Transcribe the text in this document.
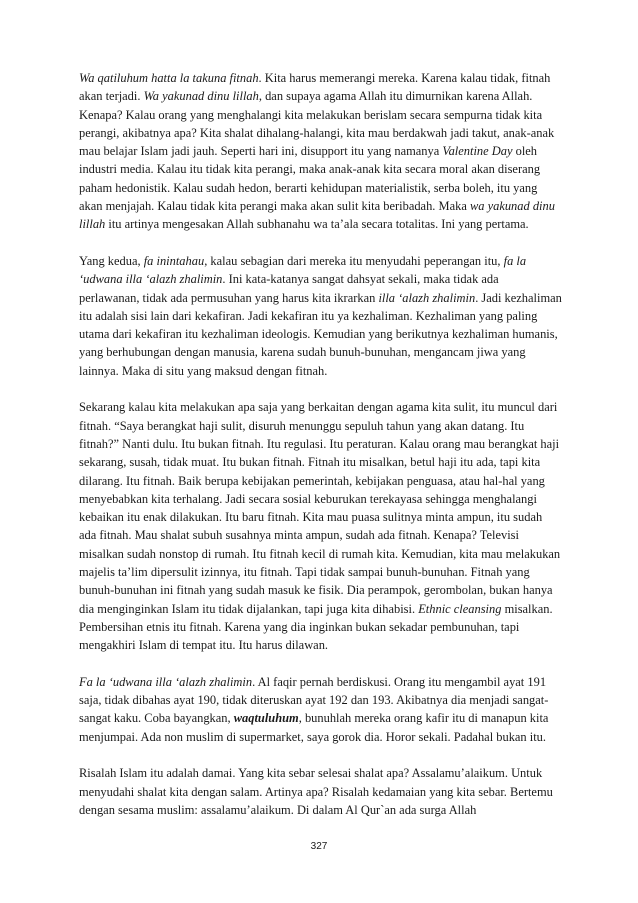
Wa qatiluhum hatta la takuna fitnah. Kita harus memerangi mereka. Karena kalau tidak, fitnah akan terjadi. Wa yakunad dinu lillah, dan supaya agama Allah itu dimurnikan karena Allah. Kenapa? Kalau orang yang menghalangi kita melakukan berislam secara sempurna tidak kita perangi, akibatnya apa? Kita shalat dihalang-halangi, kita mau berdakwah jadi takut, anak-anak mau belajar Islam jadi jauh. Seperti hari ini, disupport itu yang namanya Valentine Day oleh industri media. Kalau itu tidak kita perangi, maka anak-anak kita secara moral akan diserang paham hedonistik. Kalau sudah hedon, berarti kehidupan materialistik, serba boleh, itu yang akan menjajah. Kalau tidak kita perangi maka akan sulit kita beribadah. Maka wa yakunad dinu lillah itu artinya mengesakan Allah subhanahu wa ta’ala secara totalitas. Ini yang pertama.

Yang kedua, fa inintahau, kalau sebagian dari mereka itu menyudahi peperangan itu, fa la ‘udwana illa ‘alazh zhalimin. Ini kata-katanya sangat dahsyat sekali, maka tidak ada perlawanan, tidak ada permusuhan yang harus kita ikrarkan illa ‘alazh zhalimin. Jadi kezhaliman itu adalah sisi lain dari kekafiran. Jadi kekafiran itu ya kezhaliman. Kezhaliman yang paling utama dari kekafiran itu kezhaliman ideologis. Kemudian yang berikutnya kezhaliman humanis, yang berhubungan dengan manusia, karena sudah bunuh-bunuhan, mengancam jiwa yang lainnya. Maka di situ yang maksud dengan fitnah.

Sekarang kalau kita melakukan apa saja yang berkaitan dengan agama kita sulit, itu muncul dari fitnah. “Saya berangkat haji sulit, disuruh menunggu sepuluh tahun yang akan datang. Itu fitnah?” Nanti dulu. Itu bukan fitnah. Itu regulasi. Itu peraturan. Kalau orang mau berangkat haji sekarang, susah, tidak muat. Itu bukan fitnah. Fitnah itu misalkan, betul haji itu ada, tapi kita dilarang. Itu fitnah. Baik berupa kebijakan pemerintah, kebijakan penguasa, atau hal-hal yang menyebabkan kita terhalang. Jadi secara sosial keburukan terekayasa sehingga menghalangi kebaikan itu enak dilakukan. Itu baru fitnah. Kita mau puasa sulitnya minta ampun, itu sudah ada fitnah. Mau shalat subuh susahnya minta ampun, sudah ada fitnah. Kenapa? Televisi misalkan sudah nonstop di rumah. Itu fitnah kecil di rumah kita. Kemudian, kita mau melakukan majelis ta’lim dipersulit izinnya, itu fitnah. Tapi tidak sampai bunuh-bunuhan. Fitnah yang bunuh-bunuhan ini fitnah yang sudah masuk ke fisik. Dia perampok, gerombolan, bukan hanya dia menginginkan Islam itu tidak dijalankan, tapi juga kita dihabisi. Ethnic cleansing misalkan. Pembersihan etnis itu fitnah. Karena yang dia inginkan bukan sekadar pembunuhan, tapi mengakhiri Islam di tempat itu. Itu harus dilawan.

Fa la ‘udwana illa ‘alazh zhalimin. Al faqir pernah berdiskusi. Orang itu mengambil ayat 191 saja, tidak dibahas ayat 190, tidak diteruskan ayat 192 dan 193. Akibatnya dia menjadi sangat-sangat kaku. Coba bayangkan, waqtuluhum, bunuhlah mereka orang kafir itu di manapun kita menjumpai. Ada non muslim di supermarket, saya gorok dia. Horor sekali. Padahal bukan itu.

Risalah Islam itu adalah damai. Yang kita sebar selesai shalat apa? Assalamu’alaikum. Untuk menyudahi shalat kita dengan salam. Artinya apa? Risalah kedamaian yang kita sebar. Bertemu dengan sesama muslim: assalamu’alaikum. Di dalam Al Qur`an ada surga Allah

327
